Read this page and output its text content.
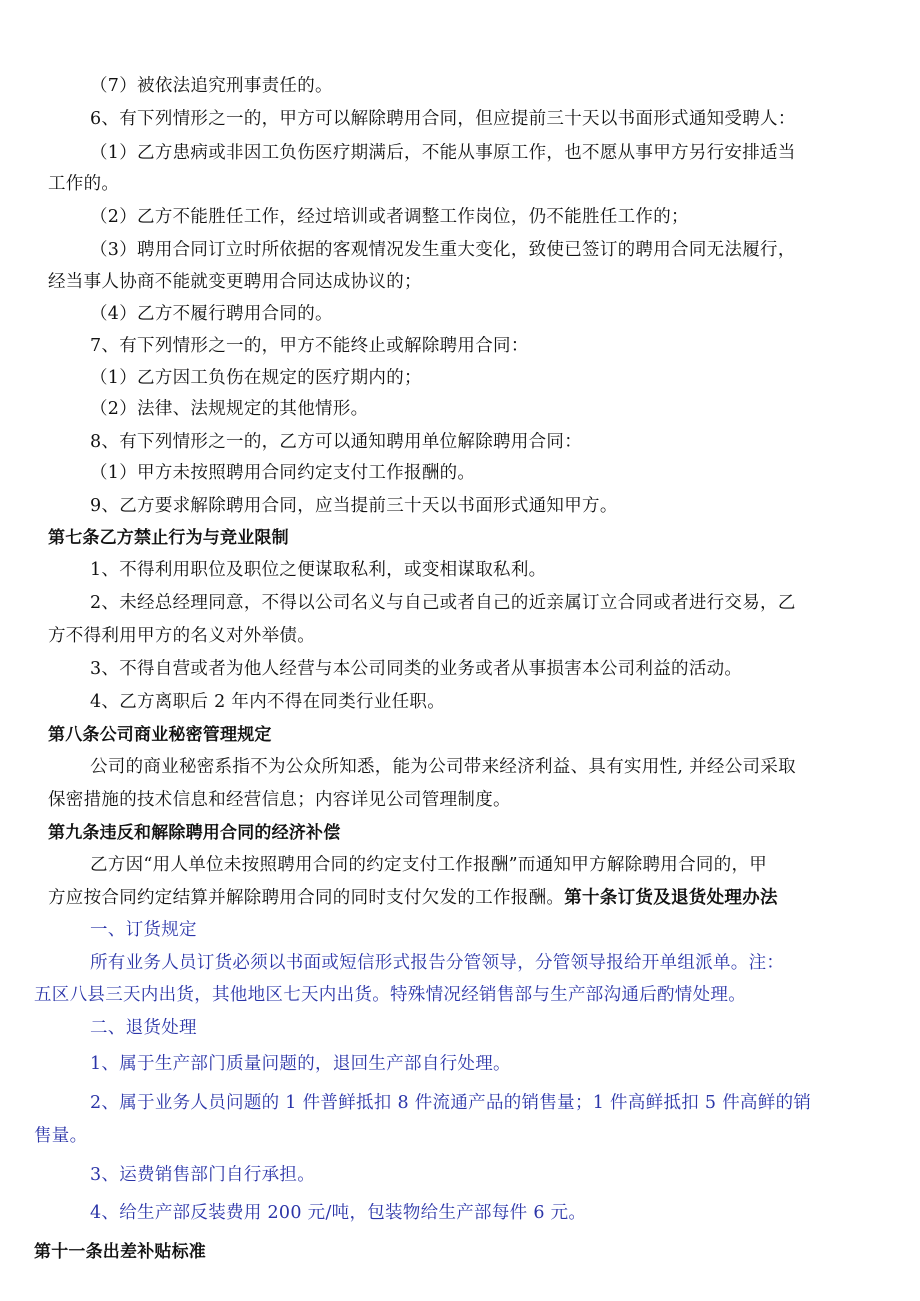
（7）被依法追究刑事责任的。
6、有下列情形之一的，甲方可以解除聘用合同，但应提前三十天以书面形式通知受聘人：
（1）乙方患病或非因工负伤医疗期满后，不能从事原工作，也不愿从事甲方另行安排适当
工作的。
（2）乙方不能胜任工作，经过培训或者调整工作岗位，仍不能胜任工作的；
（3）聘用合同订立时所依据的客观情况发生重大变化，致使已签订的聘用合同无法履行，
经当事人协商不能就变更聘用合同达成协议的；
（4）乙方不履行聘用合同的。
7、有下列情形之一的，甲方不能终止或解除聘用合同：
（1）乙方因工负伤在规定的医疗期内的；
（2）法律、法规规定的其他情形。
8、有下列情形之一的，乙方可以通知聘用单位解除聘用合同：
（1）甲方未按照聘用合同约定支付工作报酬的。
9、乙方要求解除聘用合同，应当提前三十天以书面形式通知甲方。
第七条乙方禁止行为与竞业限制
1、不得利用职位及职位之便谋取私利，或变相谋取私利。
2、未经总经理同意，不得以公司名义与自己或者自己的近亲属订立合同或者进行交易，乙
方不得利用甲方的名义对外举债。
3、不得自营或者为他人经营与本公司同类的业务或者从事损害本公司利益的活动。
4、乙方离职后 2 年内不得在同类行业任职。
第八条公司商业秘密管理规定
公司的商业秘密系指不为公众所知悉，能为公司带来经济利益、具有实用性, 并经公司采取
保密措施的技术信息和经营信息；内容详见公司管理制度。
第九条违反和解除聘用合同的经济补偿
乙方因“用人单位未按照聘用合同的约定支付工作报酬”而通知甲方解除聘用合同的，甲
方应按合同约定结算并解除聘用合同的同时支付欠发的工作报酬。第十条订货及退货处理办法
一、订货规定
所有业务人员订货必须以书面或短信形式报告分管领导，分管领导报给开单组派单。注：
五区八县三天内出货，其他地区七天内出货。特殊情况经销售部与生产部沟通后酌情处理。
二、退货处理
1、属于生产部门质量问题的，退回生产部自行处理。
2、属于业务人员问题的 1 件普鲜抵扣 8 件流通产品的销售量；1 件高鲜抵扣 5 件高鲜的销
售量。
3、运费销售部门自行承担。
4、给生产部反装费用 200 元/吨，包装物给生产部每件 6 元。
第十一条出差补贴标准
